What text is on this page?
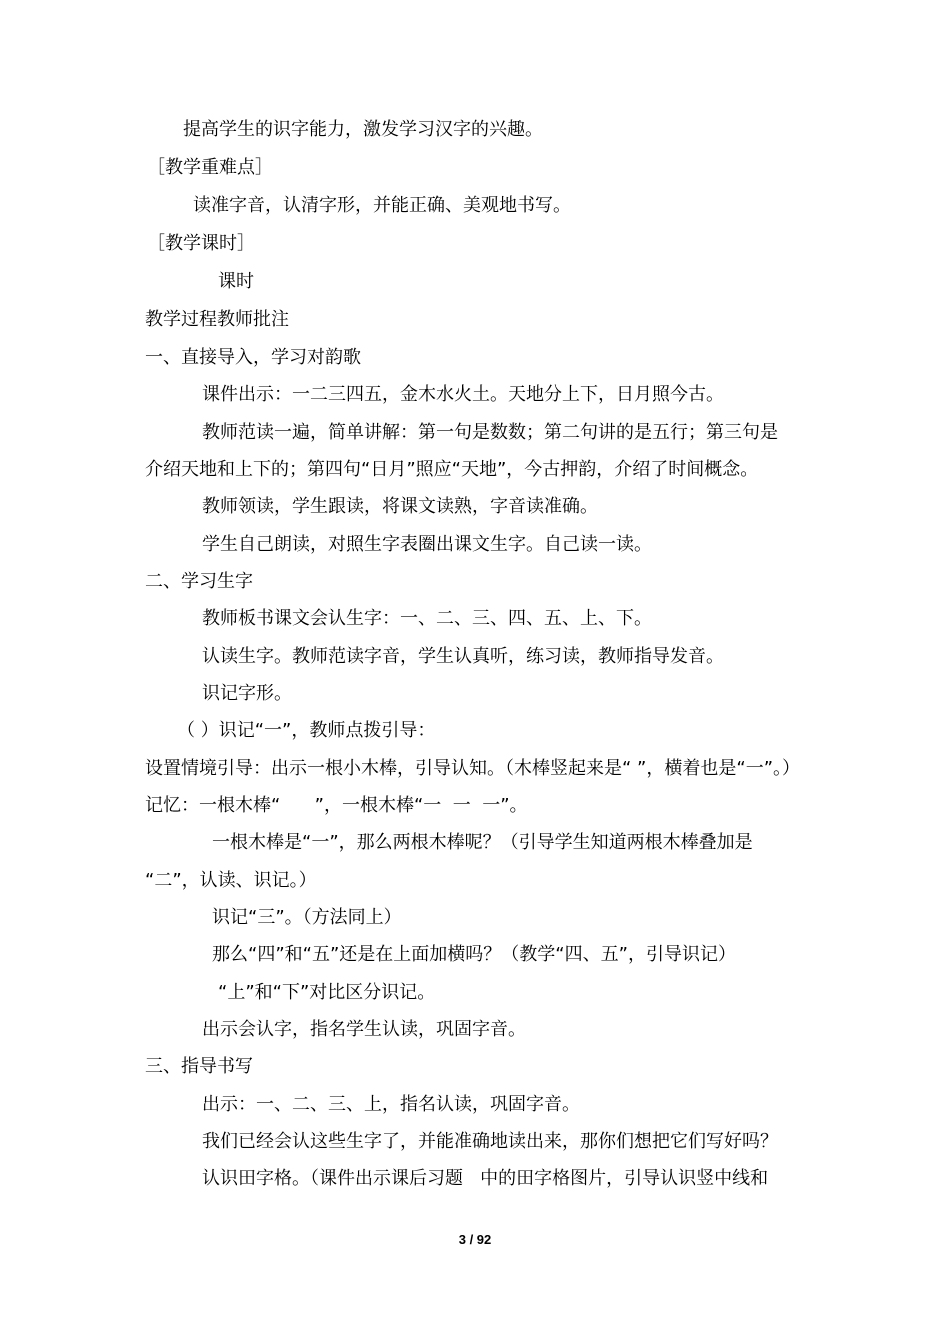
提高学生的识字能力，激发学习汉字的兴趣。
［教学重难点］
读准字音，认清字形，并能正确、美观地书写。
［教学课时］
课时
教学过程教师批注
一、直接导入，学习对韵歌
课件出示：一二三四五，金木水火土。天地分上下，日月照今古。
教师范读一遍，简单讲解：第一句是数数；第二句讲的是五行；第三句是
介绍天地和上下的；第四句“日月”照应“天地”，今古押韵，介绍了时间概念。
教师领读，学生跟读，将课文读熟，字音读准确。
学生自己朗读，对照生字表圈出课文生字。自己读一读。
二、学习生字
教师板书课文会认生字：一、二、三、四、五、上、下。
认读生字。教师范读字音，学生认真听，练习读，教师指导发音。
识记字形。
（ ）识记“一”，教师点拨引导：
设置情境引导：出示一根小木棒，引导认知。（木棒竖起来是“ ”，横着也是“一”。）
记忆：一根木棒“      ”，一根木棒“一  一  一”。
一根木棒是“一”，那么两根木棒呢？（引导学生知道两根木棒叠加是
“二”，认读、识记。）
识记“三”。（方法同上）
那么“四”和“五”还是在上面加横吗？（教学“四、五”，引导识记）
“上”和“下”对比区分识记。
出示会认字，指名学生认读，巩固字音。
三、指导书写
出示：一、二、三、上，指名认读，巩固字音。
我们已经会认这些生字了，并能准确地读出来，那你们想把它们写好吗？
认识田字格。（课件出示课后习题   中的田字格图片，引导认识竖中线和
3 / 92
